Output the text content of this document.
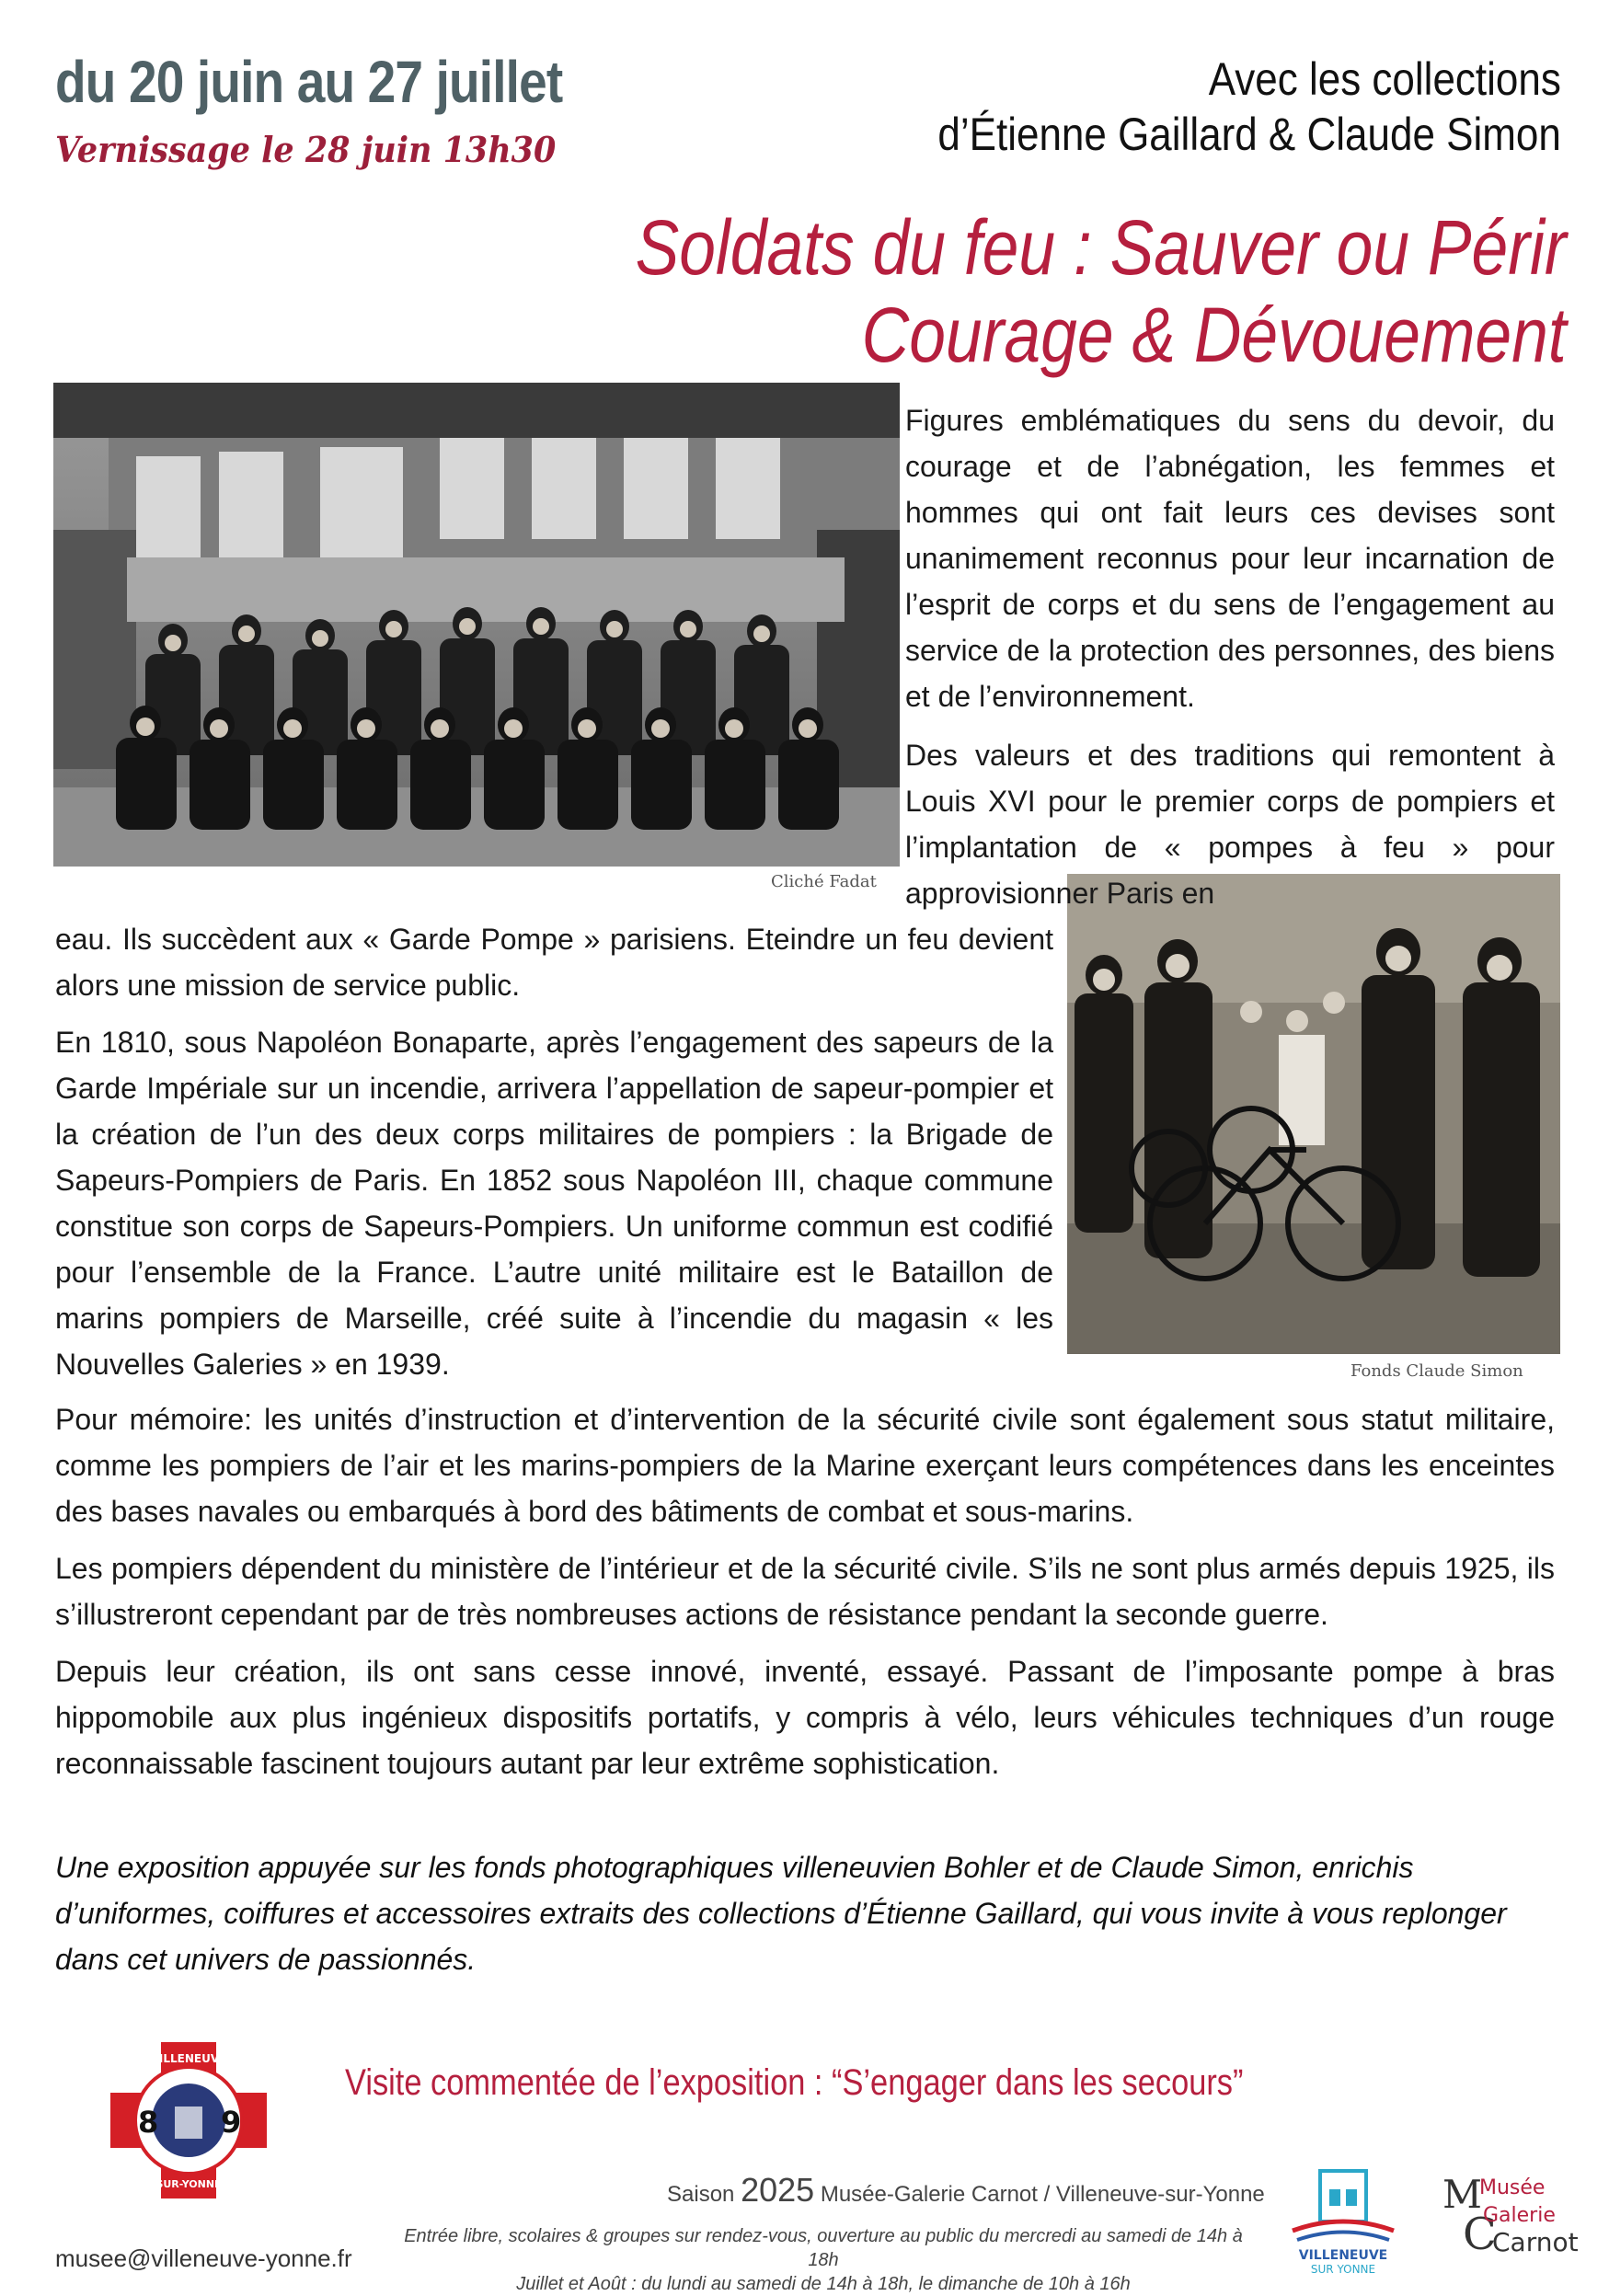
du 20 juin au 27 juillet
Vernissage le 28 juin 13h30
Avec les collections
d’Étienne Gaillard & Claude Simon
Soldats du feu : Sauver ou Périr
Courage & Dévouement
Cliché Fadat
Fonds Claude Simon

Figures emblématiques du sens du devoir, du courage et de l’abnégation, les femmes et hommes qui ont fait leurs ces devises sont unanimement reconnus pour leur incarnation de l’esprit de corps et du sens de l’engagement au service de la protection des personnes, des biens et de l’environnement.

Des valeurs et des traditions qui remontent à Louis XVI pour le premier corps de pompiers et l’implantation de « pompes à feu » pour approvisionner Paris en

eau. Ils succèdent aux « Garde Pompe » parisiens. Eteindre un feu devient alors une mission de service public.

En 1810, sous Napoléon Bonaparte, après l’engagement des sapeurs de la Garde Impériale sur un incendie, arrivera l’appellation de sapeur-pompier et la création de l’un des deux corps militaires de pompiers : la Brigade de Sapeurs-Pompiers de Paris. En 1852 sous Napoléon III, chaque commune constitue son corps de Sapeurs-Pompiers. Un uniforme commun est codifié pour l’ensemble de la France. L’autre unité militaire est le Bataillon de marins pompiers de Marseille, créé suite à l’incendie du magasin « les Nouvelles Galeries » en 1939.

Pour mémoire: les unités d’instruction et d’intervention de la sécurité civile sont également sous statut militaire, comme les pompiers de l’air et les marins-pompiers de la Marine exerçant leurs compétences dans les enceintes des bases navales ou embarqués à bord des bâtiments de combat et sous-marins.

Les pompiers dépendent du ministère de l’intérieur et de la sécurité civile. S’ils ne sont plus armés depuis 1925, ils s’illustreront cependant par de très nombreuses actions de résistance pendant la seconde guerre.

Depuis leur création, ils ont sans cesse innové, inventé, essayé. Passant de l’imposante pompe à bras hippomobile aux plus ingénieux dispositifs portatifs, y compris à vélo, leurs véhicules techniques d’un rouge reconnaissable fascinent toujours autant par leur extrême sophistication.

Une exposition appuyée sur les fonds photographiques villeneuvien Bohler et de Claude Simon, enrichis d’uniformes, coiffures et accessoires extraits des collections d’Étienne Gaillard, qui vous invite à vous replonger dans cet univers de passionnés.

8 9
VILLENEUVE
SUR-YONNE
Visite commentée de l’exposition : “S’engager dans les secours”
Saison 2025 Musée-Galerie Carnot / Villeneuve-sur-Yonne
musee@villeneuve-yonne.fr
Entrée libre, scolaires & groupes sur rendez-vous, ouverture au public du mercredi au samedi de 14h à 18h
Juillet et Août : du lundi au samedi de 14h à 18h, le dimanche de 10h à 16h
VILLENEUVE
SUR YONNE
M
C
Musée
Galerie
Carnot
